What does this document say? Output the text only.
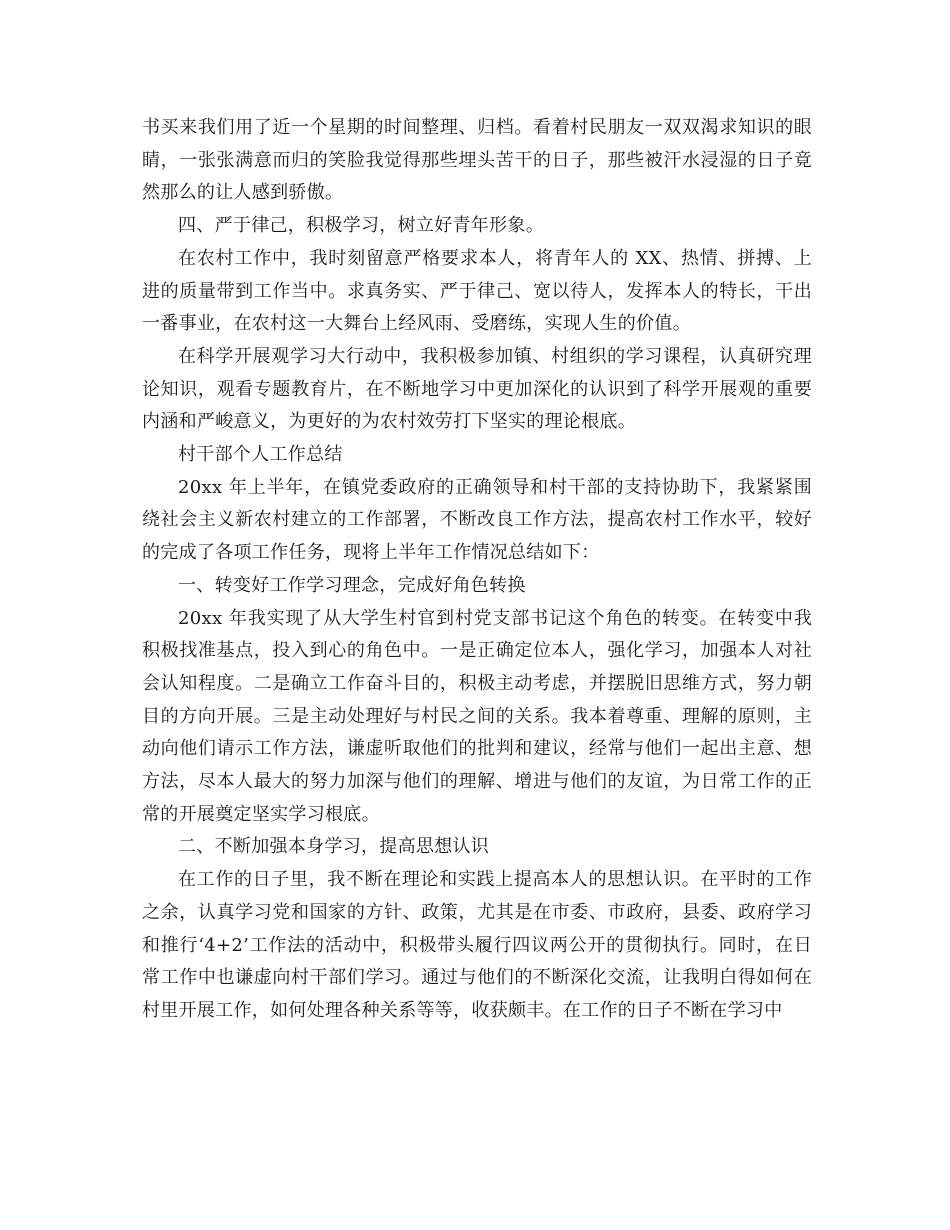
书买来我们用了近一个星期的时间整理、归档。看着村民朋友一双双渴求知识的眼睛，一张张满意而归的笑脸我觉得那些埋头苦干的日子，那些被汗水浸湿的日子竟然那么的让人感到骄傲。

四、严于律己，积极学习，树立好青年形象。

在农村工作中，我时刻留意严格要求本人，将青年人的 XX、热情、拼搏、上进的质量带到工作当中。求真务实、严于律己、宽以待人，发挥本人的特长，干出一番事业，在农村这一大舞台上经风雨、受磨练，实现人生的价值。

在科学开展观学习大行动中，我积极参加镇、村组织的学习课程，认真研究理论知识，观看专题教育片，在不断地学习中更加深化的认识到了科学开展观的重要内涵和严峻意义，为更好的为农村效劳打下坚实的理论根底。

村干部个人工作总结

20xx 年上半年，在镇党委政府的正确领导和村干部的支持协助下，我紧紧围绕社会主义新农村建立的工作部署，不断改良工作方法，提高农村工作水平，较好的完成了各项工作任务，现将上半年工作情况总结如下：

一、转变好工作学习理念，完成好角色转换

20xx 年我实现了从大学生村官到村党支部书记这个角色的转变。在转变中我积极找准基点，投入到心的角色中。一是正确定位本人，强化学习，加强本人对社会认知程度。二是确立工作奋斗目的，积极主动考虑，并摆脱旧思维方式，努力朝目的方向开展。三是主动处理好与村民之间的关系。我本着尊重、理解的原则，主动向他们请示工作方法，谦虚听取他们的批判和建议，经常与他们一起出主意、想方法，尽本人最大的努力加深与他们的理解、增进与他们的友谊，为日常工作的正常的开展奠定坚实学习根底。

二、不断加强本身学习，提高思想认识

在工作的日子里，我不断在理论和实践上提高本人的思想认识。在平时的工作之余，认真学习党和国家的方针、政策，尤其是在市委、市政府，县委、政府学习和推行‘4+2’工作法的活动中，积极带头履行四议两公开的贯彻执行。同时，在日常工作中也谦虚向村干部们学习。通过与他们的不断深化交流，让我明白得如何在村里开展工作，如何处理各种关系等等，收获颇丰。在工作的日子不断在学习中
